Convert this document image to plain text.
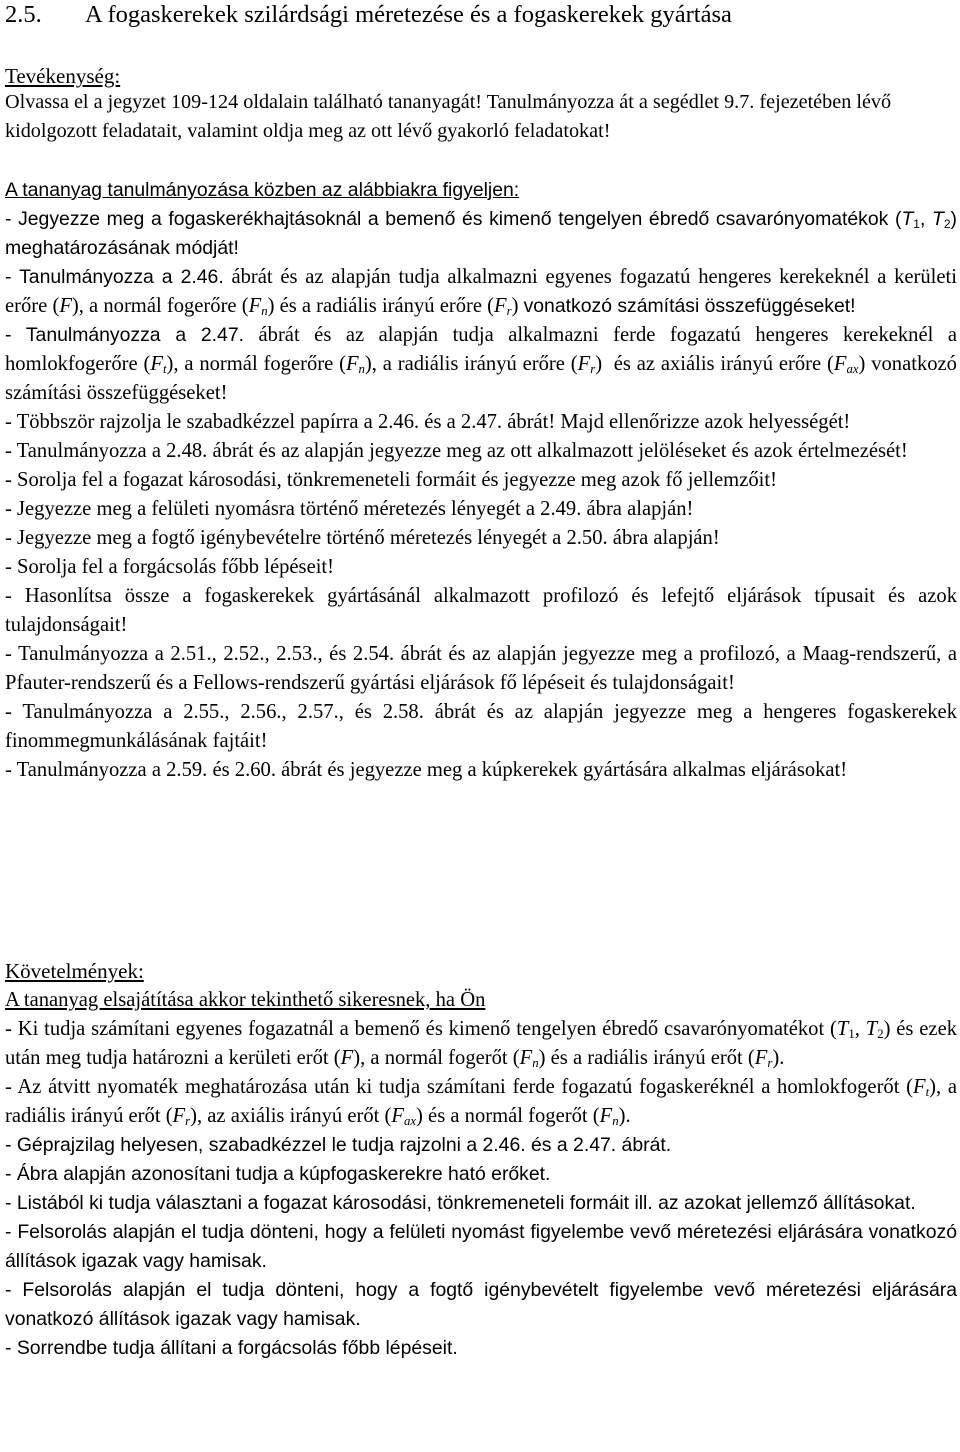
2.5. A fogaskerekek szilárdsági méretezése és a fogaskerekek gyártása
Tevékenység:
Olvassa el a jegyzet 109-124 oldalain található tananyagát! Tanulmányozza át a segédlet 9.7. fejezetében lévő kidolgozott feladatait, valamint oldja meg az ott lévő gyakorló feladatokat!
A tananyag tanulmányozása közben az alábbiakra figyeljen:
- Jegyezze meg a fogaskerékhajtásoknál a bemenő és kimenő tengelyen ébredő csavarónyomatékok ($T_1$, $T_2$) meghatározásának módját!
- Tanulmányozza a 2.46. ábrát és az alapján tudja alkalmazni egyenes fogazatú hengeres kerekeknél a kerületi erőre (F), a normál fogerőre $(F_n)$ és a radiális irányú erőre $(F_r)$ vonatkozó számítási összefüggéseket!
- Tanulmányozza a 2.47. ábrát és az alapján tudja alkalmazni ferde fogazatú hengeres kerekeknél a homlokfogerőre $(F_t)$, a normál fogerőre $(F_n)$, a radiális irányú erőre $(F_r)$  és az axiális irányú erőre $(F_{ax})$ vonatkozó számítási összefüggéseket!
- Többször rajzolja le szabadkézzel papírra a 2.46. és a 2.47. ábrát! Majd ellenőrizze azok helyességét!
- Tanulmányozza a 2.48. ábrát és az alapján jegyezze meg az ott alkalmazott jelöléseket és azok értelmezését!
- Sorolja fel a fogazat károsodási, tönkremeneteli formáit és jegyezze meg azok fő jellemzőit!
- Jegyezze meg a felületi nyomásra történő méretezés lényegét a 2.49. ábra alapján!
- Jegyezze meg a fogtő igénybevételre történő méretezés lényegét a 2.50. ábra alapján!
- Sorolja fel a forgácsolás főbb lépéseit!
- Hasonlítsa össze a fogaskerekek gyártásánál alkalmazott profilozó és lefejtő eljárások típusait és azok tulajdonságait!
- Tanulmányozza a 2.51., 2.52., 2.53., és 2.54. ábrát és az alapján jegyezze meg a profilozó, a Maag-rendszerű, a Pfauter-rendszerű és a Fellows-rendszerű gyártási eljárások fő lépéseit és tulajdonságait!
- Tanulmányozza a 2.55., 2.56., 2.57., és 2.58. ábrát és az alapján jegyezze meg a hengeres fogaskerekek finommegmunkálásának fajtáit!
- Tanulmányozza a 2.59. és 2.60. ábrát és jegyezze meg a kúpkerekek gyártására alkalmas eljárásokat!
Követelmények:
A tananyag elsajátítása akkor tekinthető sikeresnek, ha Ön
- Ki tudja számítani egyenes fogazatnál a bemenő és kimenő tengelyen ébredő csavarónyomatékot ($T_1$, $T_2$) és ezek után meg tudja határozni a kerületi erőt (F), a normál fogerőt $(F_n)$ és a radiális irányú erőt $(F_r)$.
- Az átvitt nyomaték meghatározása után ki tudja számítani ferde fogazatú fogaskeréknél a homlokfogerőt $(F_t)$, a radiális irányú erőt $(F_r)$, az axiális irányú erőt $(F_{ax})$ és a normál fogerőt $(F_n)$.
- Géprajzilag helyesen, szabadkézzel le tudja rajzolni a 2.46. és a 2.47. ábrát.
- Ábra alapján azonosítani tudja a kúpfogaskerekre ható erőket.
- Listából ki tudja választani a fogazat károsodási, tönkremeneteli formáit ill. az azokat jellemző állításokat.
- Felsorolás alapján el tudja dönteni, hogy a felületi nyomást figyelembe vevő méretezési eljárására vonatkozó állítások igazak vagy hamisak.
- Felsorolás alapján el tudja dönteni, hogy a fogtő igénybevételt figyelembe vevő méretezési eljárására vonatkozó állítások igazak vagy hamisak.
- Sorrendbe tudja állítani a forgácsolás főbb lépéseit.
